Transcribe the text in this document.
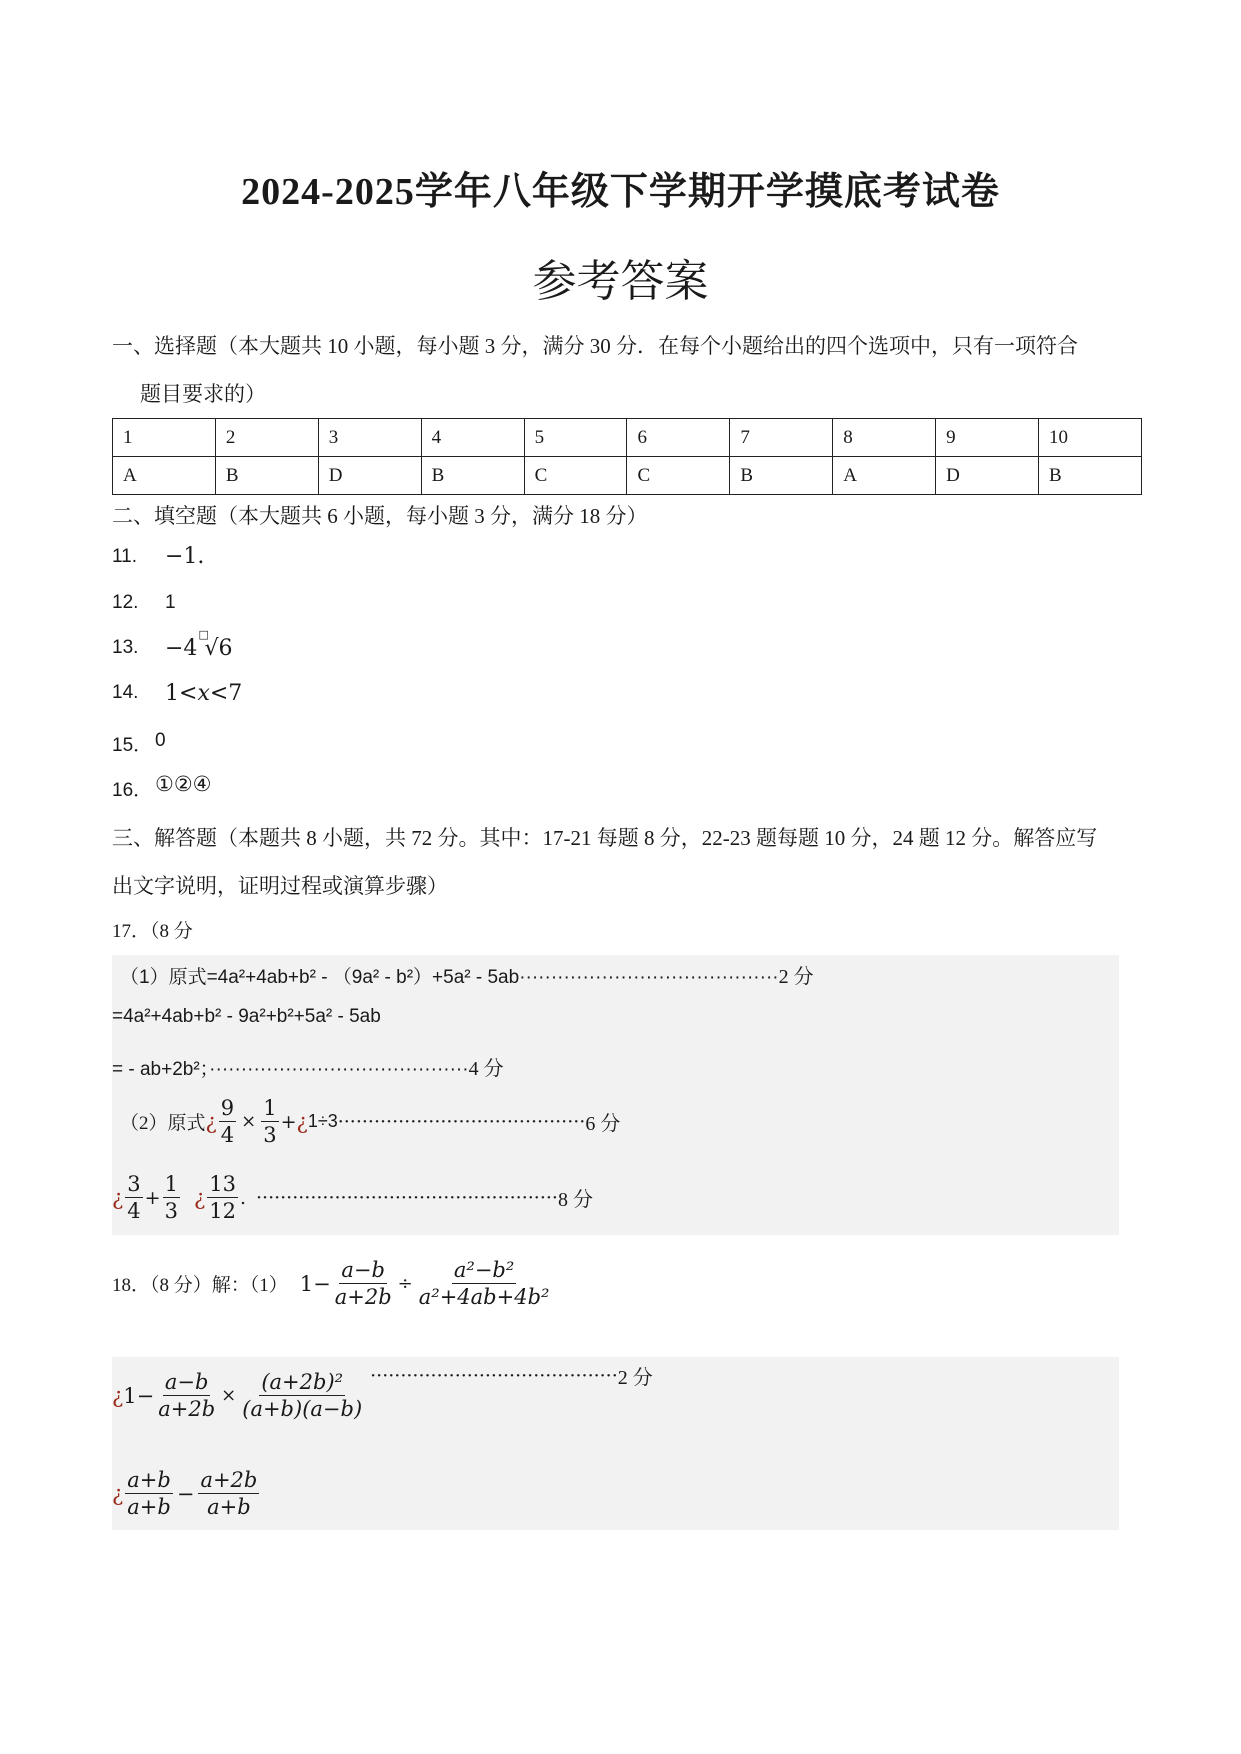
2024-2025学年八年级下学期开学摸底考试卷
参考答案
一、选择题（本大题共 10 小题，每小题 3 分，满分 30 分．在每个小题给出的四个选项中，只有一项符合
题目要求的）
1	2	3	4	5	6	7	8	9	10
A	B	D	B	C	C	B	A	D	B
二、填空题（本大题共 6 小题，每小题 3 分，满分 18 分）
11. −1.
12. 1
13. −4
□
√6
14. 1<x<7
15． 0
16． ①②④
三、解答题（本题共 8 小题，共 72 分。其中：17-21 每题 8 分，22-23 题每题 10 分，24 题 12 分。解答应写
出文字说明，证明过程或演算步骤）
17．（8 分
（1）原式=4a²+4ab+b² - （9a² - b²）+5a² - 5ab·········································2 分
=4a²+4ab+b² - 9a²+b²+5a² - 5ab
= - ab+2b²；·········································4 分
（2）原式 ¿ $\frac{9}{4} \times \frac{1}{3}$ + ¿ 1÷3 ········································· 6 分
¿ $\frac{3}{4} + \frac{1}{3}$ ¿ $\frac{13}{12}$ . ·················································· 8 分
18．（8 分）解：（1） $1- \frac{a-b}{a+2b} \div \frac{\text{a²−b²}}{\text{a²+4ab+4b²}}$
¿ $1- \frac{a-b}{a+2b} \times \frac{\text{(a+2b)²}}{(a+b)(a-b)}$ ········································· 2 分
¿ $\frac{a+b}{a+b} - \frac{a+2b}{a+b}$
